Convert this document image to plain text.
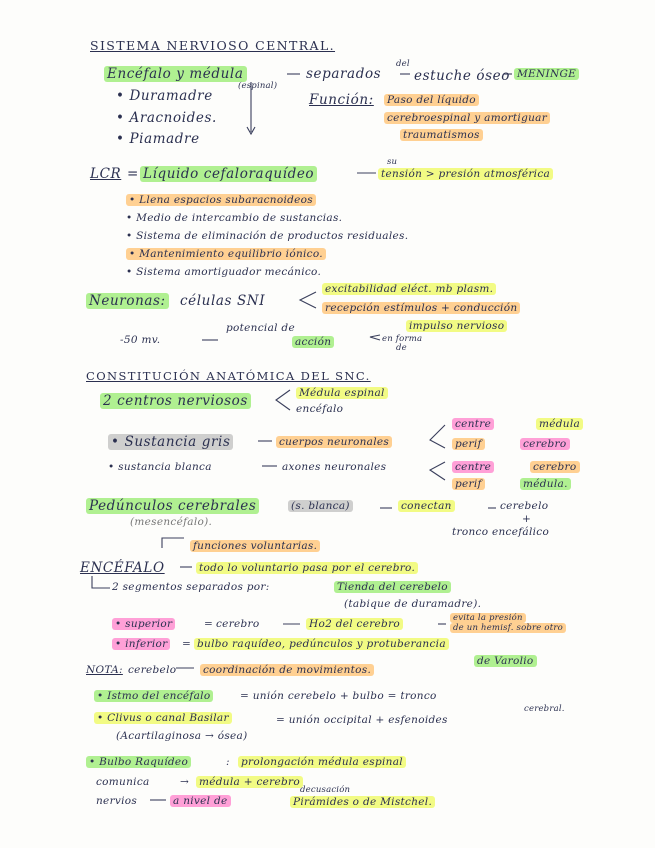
SISTEMA NERVIOSO CENTRAL.
Encéfalo y médula
(espinal)
separados
del
estuche óseo MENINGE
• Duramadre
• Aracnoides.
• Piamadre
Función: Paso del líquido
cerebroespinal y amortiguar
traumatismos
LCR = Líquido cefaloraquídeo
su
tensión > presión atmosférica
• Llena espacios subaracnoideos
• Medio de intercambio de sustancias.
• Sistema de eliminación de productos residuales.
• Mantenimiento equilibrio iónico.
• Sistema amortiguador mecánico.
Neuronas: células SNI
excitabilidad eléct. mb plasm.
recepción estímulos + conducción
impulso nervioso
-50 mv.
potencial de
acción	en forma
de
CONSTITUCIÓN ANATÓMICA DEL SNC.
2 centros nerviosos	Médula espinal
encéfalo
• Sustancia gris	cuerpos neuronales
centre	médula
perif	cerebro
• sustancia blanca	axones neuronales	centre	cerebro
perif	médula.
Pedúnculos cerebrales	(s. blanca)	conectan	cerebelo
+
tronco encefálico
(mesencéfalo).
funciones voluntarias.
ENCÉFALO	todo lo voluntario pasa por el cerebro.
2 segmentos separados por:	Tienda del cerebelo
(tabique de duramadre).
• superior	= cerebro	Ho2 del cerebro	evita la presión
de un hemisf. sobre otro
• inferior = bulbo raquídeo, pedúnculos y protuberancia
de Varolio
NOTA: cerebelo	coordinación de movimientos.
• Istmo del encéfalo	= unión cerebelo + bulbo = tronco
cerebral.
• Clivus o canal Basilar	= unión occipital + esfenoides
(Acartilaginosa → ósea)
• Bulbo Raquídeo	: prolongación médula espinal
comunica	→ médula + cerebro
nervios	a nivel de
decusación
Pirámides o de Mistchel.
